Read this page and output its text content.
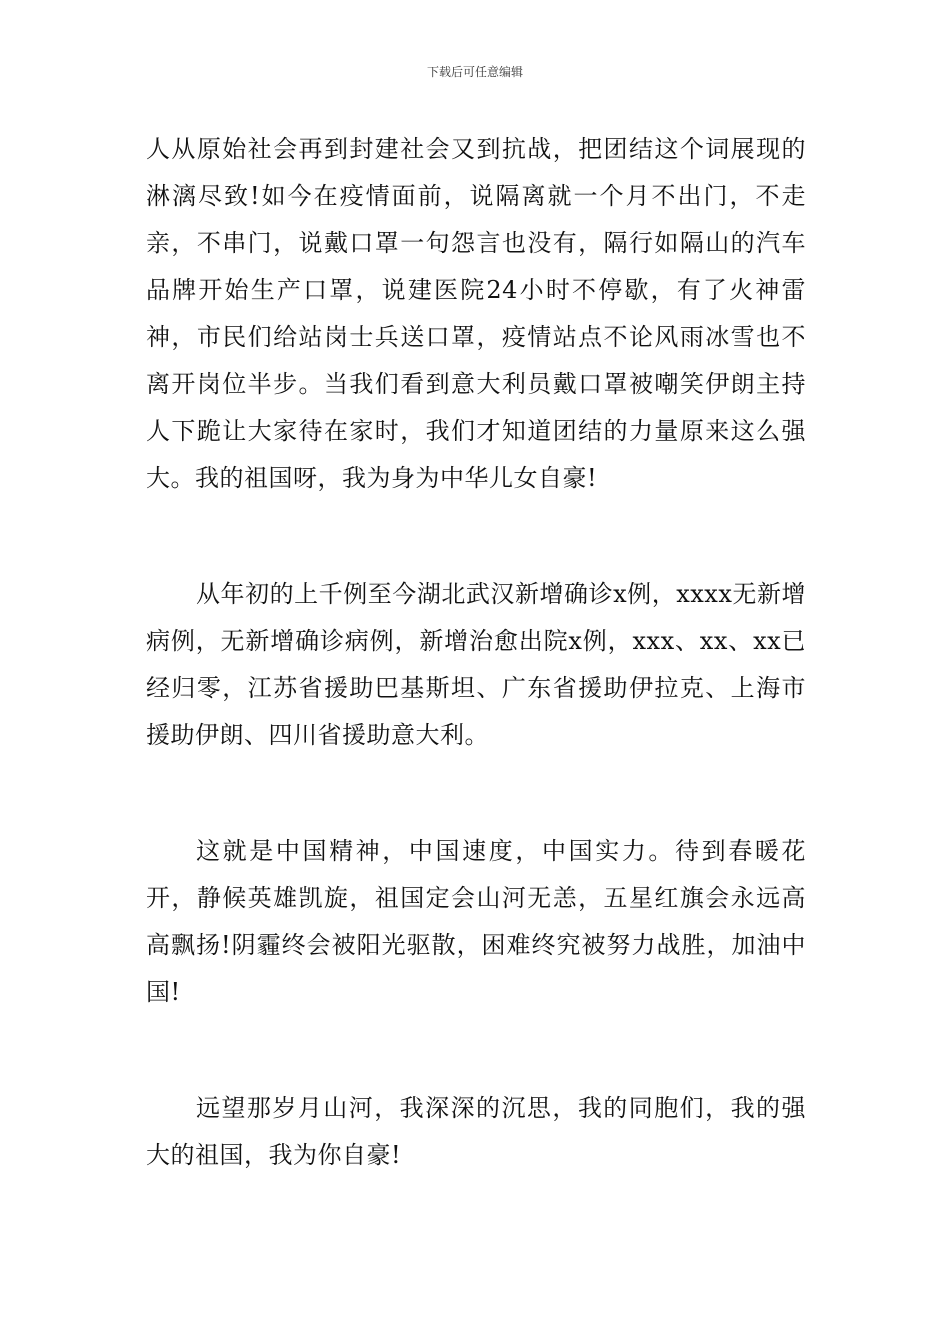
下载后可任意编辑

人从原始社会再到封建社会又到抗战，把团结这个词展现的淋漓尽致!如今在疫情面前，说隔离就一个月不出门，不走亲，不串门，说戴口罩一句怨言也没有，隔行如隔山的汽车品牌开始生产口罩，说建医院24小时不停歇，有了火神雷神，市民们给站岗士兵送口罩，疫情站点不论风雨冰雪也不离开岗位半步。当我们看到意大利员戴口罩被嘲笑伊朗主持人下跪让大家待在家时，我们才知道团结的力量原来这么强大。我的祖国呀，我为身为中华儿女自豪!

从年初的上千例至今湖北武汉新增确诊x例，xxxx无新增病例，无新增确诊病例，新增治愈出院x例，xxx、xx、xx已经归零，江苏省援助巴基斯坦、广东省援助伊拉克、上海市援助伊朗、四川省援助意大利。

这就是中国精神，中国速度，中国实力。待到春暖花开，静候英雄凯旋，祖国定会山河无恙，五星红旗会永远高高飘扬!阴霾终会被阳光驱散，困难终究被努力战胜，加油中国!

远望那岁月山河，我深深的沉思，我的同胞们，我的强大的祖国，我为你自豪!
